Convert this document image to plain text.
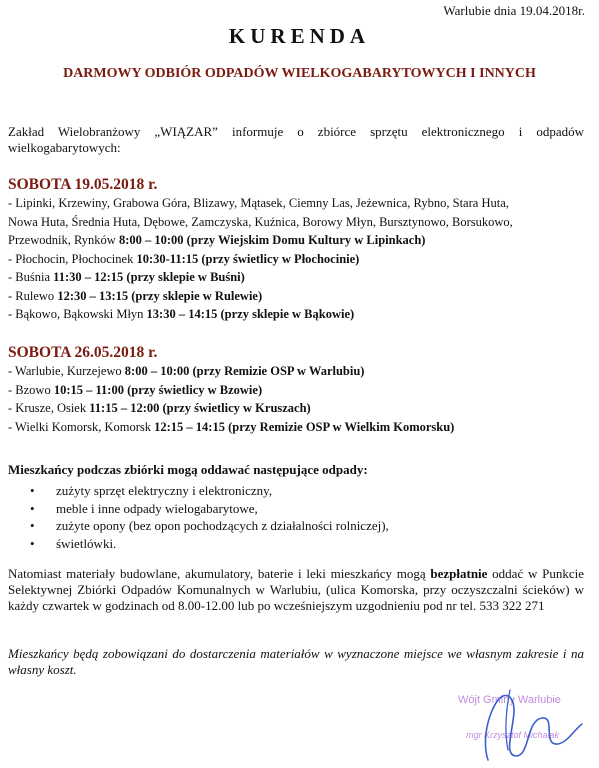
Warlubie dnia 19.04.2018r.
KURENDA
DARMOWY ODBIÓR ODPADÓW WIELKOGABARYTOWYCH I INNYCH
Zakład Wielobranżowy „WIĄZAR” informuje o zbiórce sprzętu elektronicznego i odpadów wielkogabarytowych:
SOBOTA 19.05.2018 r.
- Lipinki, Krzewiny, Grabowa Góra, Blizawy, Mątasek, Ciemny Las, Jeżewnica, Rybno, Stara Huta,
Nowa Huta, Średnia Huta, Dębowe, Zamczyska, Kuźnica, Borowy Młyn, Bursztynowo, Borsukowo,
Przewodnik, Rynków 8:00 – 10:00 (przy Wiejskim Domu Kultury w Lipinkach)
- Płochocin, Płochocinek 10:30-11:15 (przy świetlicy w Płochocinie)
- Buśnia 11:30 – 12:15 (przy sklepie w Buśni)
- Rulewo 12:30 – 13:15 (przy sklepie w Rulewie)
- Bąkowo, Bąkowski Młyn 13:30 – 14:15 (przy sklepie w Bąkowie)
SOBOTA 26.05.2018 r.
- Warlubie, Kurzejewo 8:00 – 10:00 (przy Remizie OSP w Warlubiu)
- Bzowo 10:15 – 11:00 (przy świetlicy w Bzowie)
- Krusze, Osiek 11:15 – 12:00 (przy świetlicy w Kruszach)
- Wielki Komorsk, Komorsk 12:15 – 14:15 (przy Remizie OSP w Wielkim Komorsku)
Mieszkańcy podczas zbiórki mogą oddawać następujące odpady:
• zużyty sprzęt elektryczny i elektroniczny,
• meble i inne odpady wielogabarytowe,
• zużyte opony (bez opon pochodzących z działalności rolniczej),
• świetlówki.
Natomiast materiały budowlane, akumulatory, baterie i leki mieszkańcy mogą bezpłatnie oddać w Punkcie Selektywnej Zbiórki Odpadów Komunalnych w Warlubiu, (ulica Komorska, przy oczyszczalni ścieków) w każdy czwartek w godzinach od 8.00-12.00 lub po wcześniejszym uzgodnieniu pod nr tel. 533 322 271
Mieszkańcy będą zobowiązani do dostarczenia materiałów w wyznaczone miejsce we własnym zakresie i na własny koszt.
Wójt Gminy Warlubie
mgr Krzysztof Michalak
